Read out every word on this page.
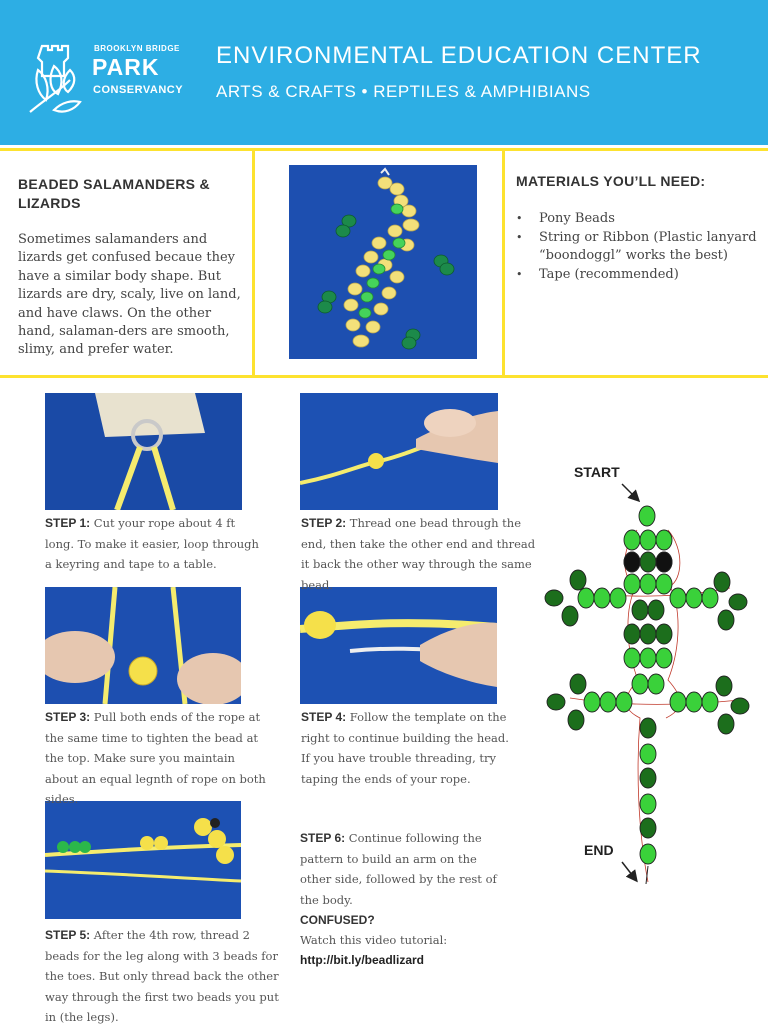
BROOKLYN BRIDGE
PARK
CONSERVANCY
ENVIRONMENTAL EDUCATION CENTER
ARTS & CRAFTS • REPTILES & AMPHIBIANS
BEADED SALAMANDERS & LIZARDS
Sometimes salamanders and lizards get confused becaue they have a similar body shape. But lizards are dry, scaly, live on land, and have claws. On the other hand, salaman-ders are smooth, slimy, and prefer water.
MATERIALS YOU’LL NEED:
• Pony Beads
• String or Ribbon (Plastic lanyard “boondoggl” works the best)
• Tape (recommended)
STEP 1: Cut your rope about 4 ft long. To make it easier, loop through a keyring and tape to a table.
STEP 2: Thread one bead through the end, then take the other end and thread it back the other way through the same bead.
STEP 3: Pull both ends of the rope at the same time to tighten the bead at the top. Make sure you maintain about an equal legnth of rope on both sides.
STEP 4: Follow the template on the right to continue building the head. If you have trouble threading, try taping the ends of your rope.
STEP 5: After the 4th row, thread 2 beads for the leg along with 3 beads for the toes. But only thread back the other way through the first two beads you put in (the legs).
STEP 6: Continue following the pattern to build an arm on the other side, followed by the rest of the body.
CONFUSED?
Watch this video tutorial:
http://bit.ly/beadlizard
START
END
